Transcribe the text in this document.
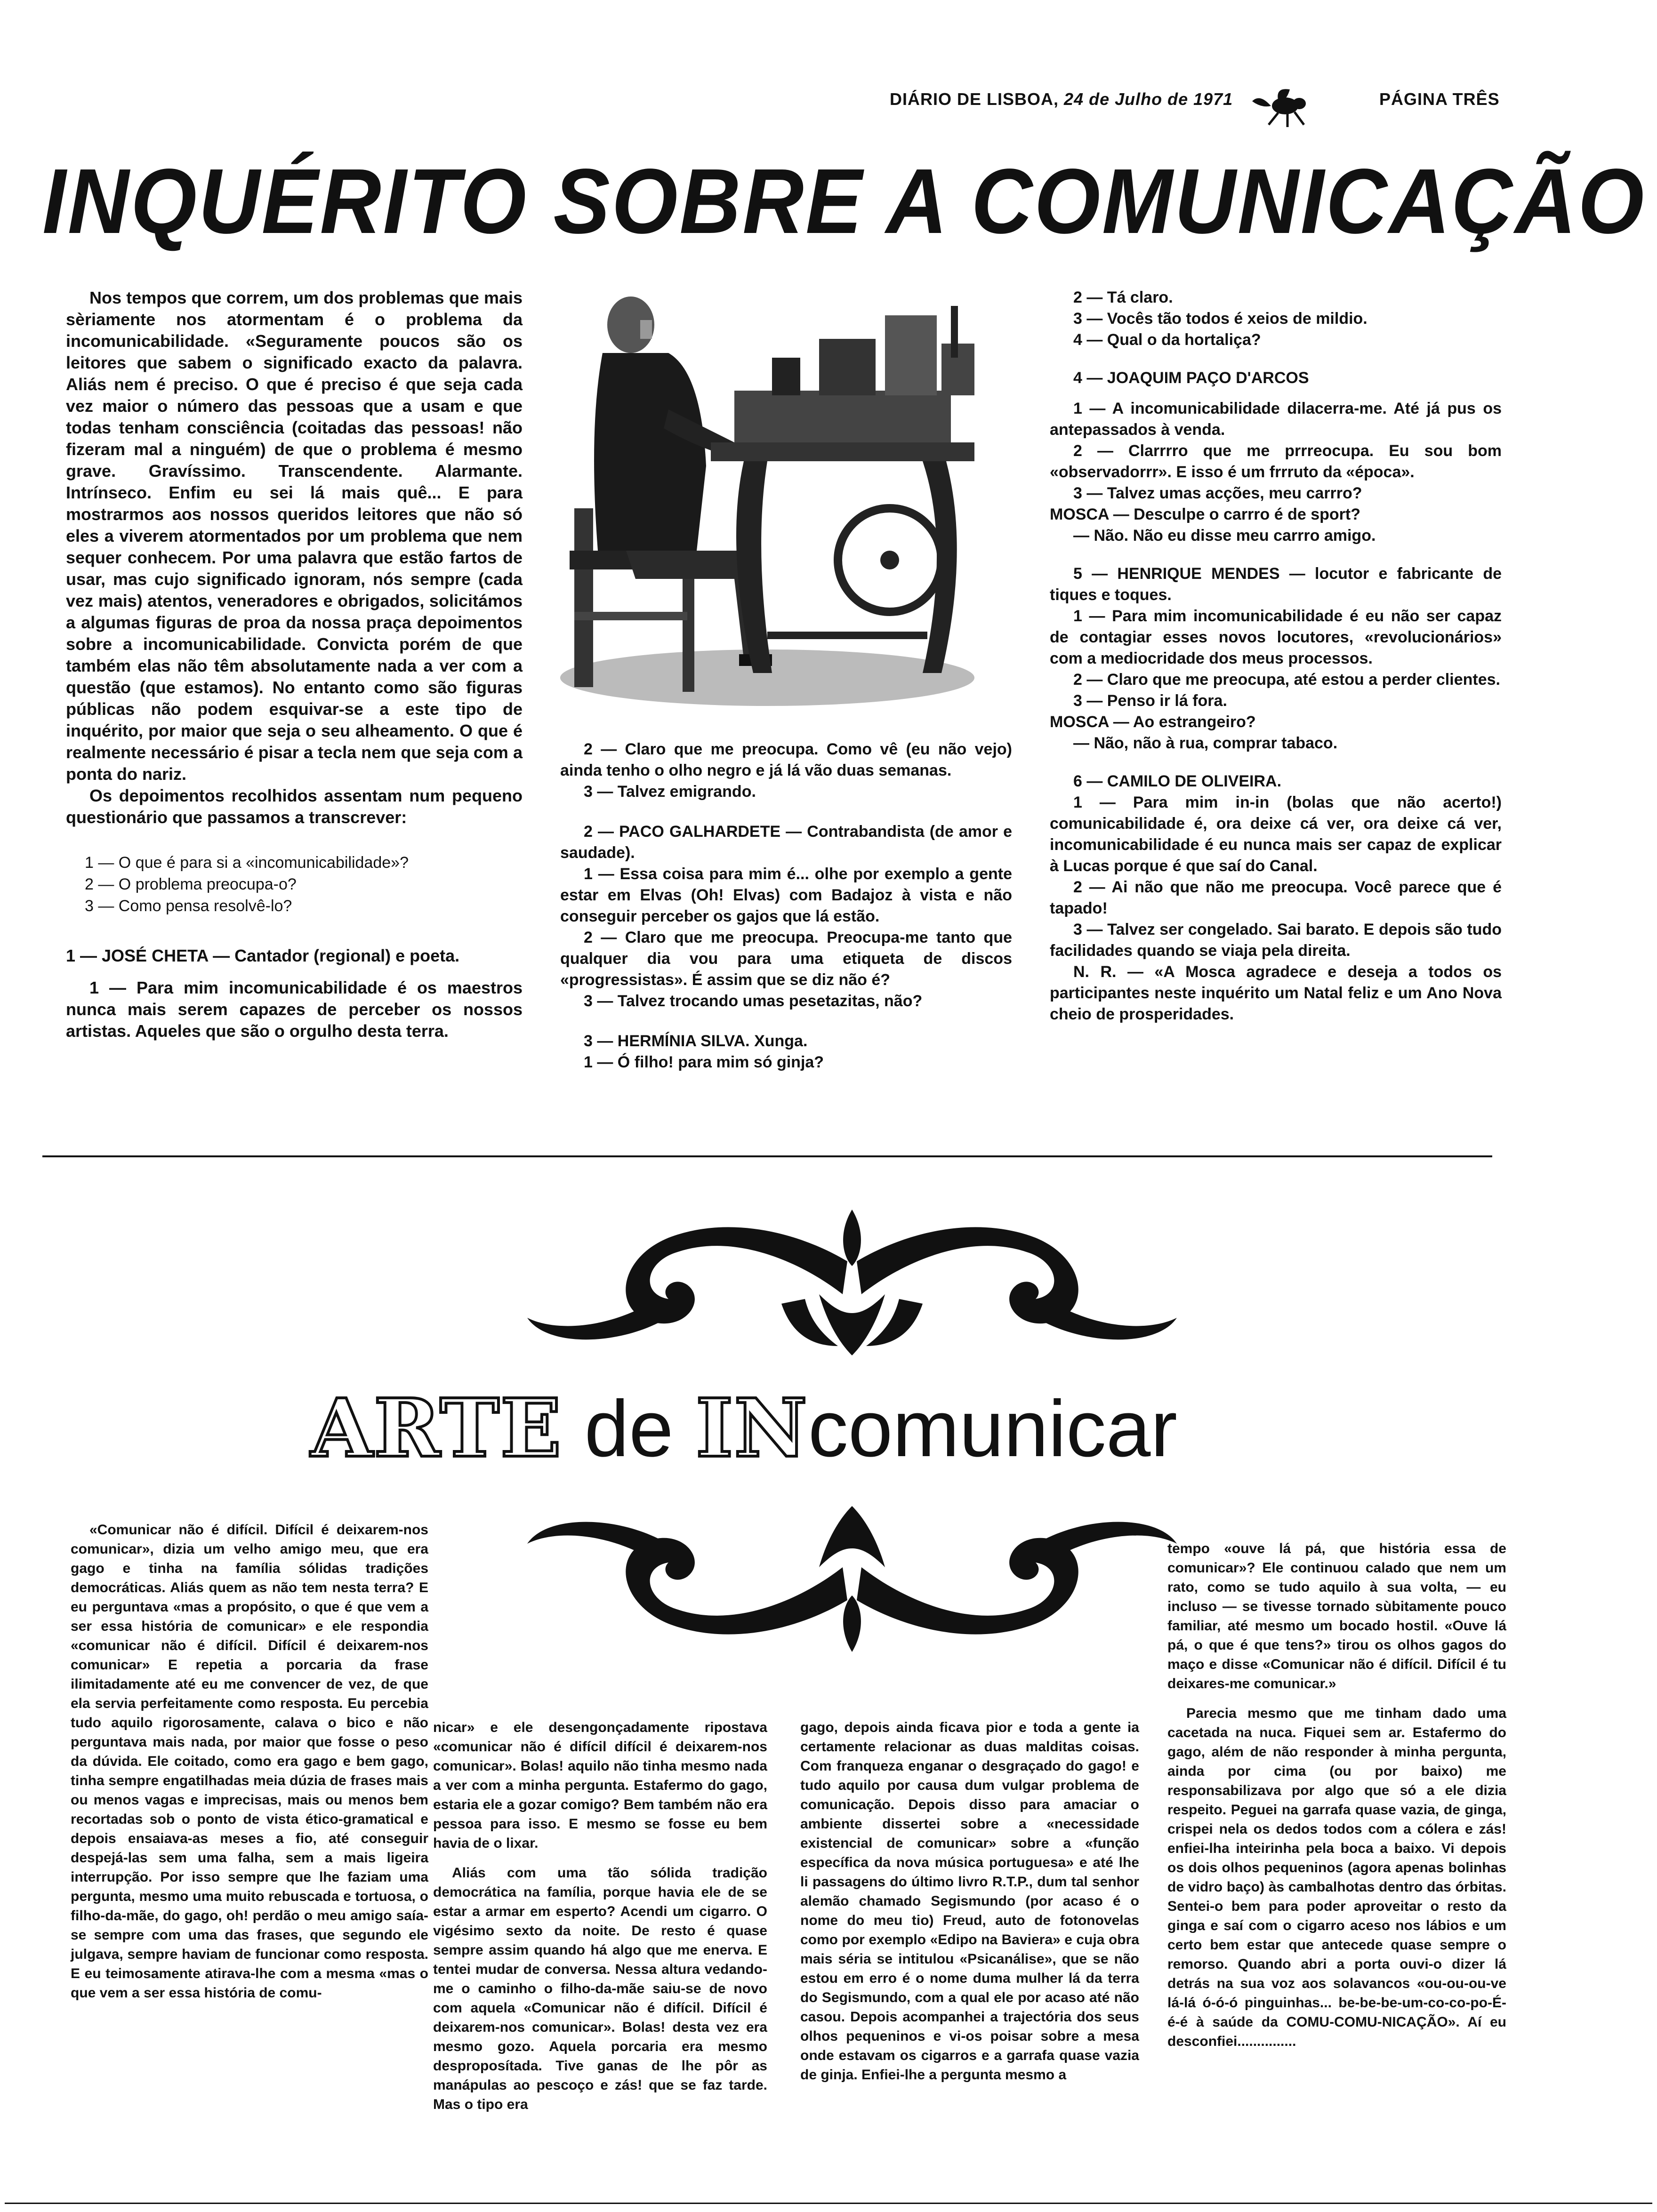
DIÁRIO DE LISBOA, 24 de Julho de 1971	PÁGINA TRÊS
INQUÉRITO SOBRE A COMUNICAÇÃO

Nos tempos que correm, um dos problemas que mais sèriamente nos atormentam é o problema da incomunicabilidade. «Seguramente poucos são os leitores que sabem o significado exacto da palavra. Aliás nem é preciso. O que é preciso é que seja cada vez maior o número das pessoas que a usam e que todas tenham consciência (coitadas das pessoas! não fizeram mal a ninguém) de que o problema é mesmo grave. Gravíssimo. Transcendente. Alarmante. Intrínseco. Enfim eu sei lá mais quê... E para mostrarmos aos nossos queridos leitores que não só eles a viverem atormentados por um problema que nem sequer conhecem. Por uma palavra que estão fartos de usar, mas cujo significado ignoram, nós sempre (cada vez mais) atentos, veneradores e obrigados, solicitámos a algumas figuras de proa da nossa praça depoimentos sobre a incomunicabilidade. Convicta porém de que também elas não têm absolutamente nada a ver com a questão (que estamos). No entanto como são figuras públicas não podem esquivar-se a este tipo de inquérito, por maior que seja o seu alheamento. O que é realmente necessário é pisar a tecla nem que seja com a ponta do nariz.

Os depoimentos recolhidos assentam num pequeno questionário que passamos a transcrever:

1 — O que é para si a «incomunicabilidade»?

2 — O problema preocupa-o?

3 — Como pensa resolvê-lo?

1 — JOSÉ CHETA — Cantador (regional) e poeta.

1 — Para mim incomunicabilidade é os maestros nunca mais serem capazes de perceber os nossos artistas. Aqueles que são o orgulho desta terra.

2 — Claro que me preocupa. Como vê (eu não vejo) ainda tenho o olho negro e já lá vão duas semanas.

3 — Talvez emigrando.

2 — PACO GALHARDETE — Contrabandista (de amor e saudade).

1 — Essa coisa para mim é... olhe por exemplo a gente estar em Elvas (Oh! Elvas) com Badajoz à vista e não conseguir perceber os gajos que lá estão.

2 — Claro que me preocupa. Preocupa-me tanto que qualquer dia vou para uma etiqueta de discos «progressistas». É assim que se diz não é?

3 — Talvez trocando umas pesetazitas, não?

3 — HERMÍNIA SILVA. Xunga.

1 — Ó filho! para mim só ginja?

2 — Tá claro.

3 — Vocês tão todos é xeios de mildio.

4 — Qual o da hortaliça?

4 — JOAQUIM PAÇO D'ARCOS

1 — A incomunicabilidade dilacerra-me. Até já pus os antepassados à venda.

2 — Clarrrro que me prrreocupa. Eu sou bom «observadorrr». E isso é um frrruto da «época».

3 — Talvez umas acções, meu carrro?

MOSCA — Desculpe o carrro é de sport?

— Não. Não eu disse meu carrro amigo.

5 — HENRIQUE MENDES — locutor e fabricante de tiques e toques.

1 — Para mim incomunicabilidade é eu não ser capaz de contagiar esses novos locutores, «revolucionários» com a mediocridade dos meus processos.

2 — Claro que me preocupa, até estou a perder clientes.

3 — Penso ir lá fora.

MOSCA — Ao estrangeiro?

— Não, não à rua, comprar tabaco.

6 — CAMILO DE OLIVEIRA.

1 — Para mim in-in (bolas que não acerto!) comunicabilidade é, ora deixe cá ver, ora deixe cá ver, incomunicabilidade é eu nunca mais ser capaz de explicar à Lucas porque é que saí do Canal.

2 — Ai não que não me preocupa. Você parece que é tapado!

3 — Talvez ser congelado. Sai barato. E depois são tudo facilidades quando se viaja pela direita.

N. R. — «A Mosca agradece e deseja a todos os participantes neste inquérito um Natal feliz e um Ano Nova cheio de prosperidades.

ARTE de INcomunicar

«Comunicar não é difícil. Difícil é deixarem-nos comunicar», dizia um velho amigo meu, que era gago e tinha na família sólidas tradições democráticas. Aliás quem as não tem nesta terra? E eu perguntava «mas a propósito, o que é que vem a ser essa história de comunicar» e ele respondia «comunicar não é difícil. Difícil é deixarem-nos comunicar» E repetia a porcaria da frase ilimitadamente até eu me convencer de vez, de que ela servia perfeitamente como resposta. Eu percebia tudo aquilo rigorosamente, calava o bico e não perguntava mais nada, por maior que fosse o peso da dúvida. Ele coitado, como era gago e bem gago, tinha sempre engatilhadas meia dúzia de frases mais ou menos vagas e imprecisas, mais ou menos bem recortadas sob o ponto de vista ético-gramatical e depois ensaiava-as meses a fio, até conseguir despejá-las sem uma falha, sem a mais ligeira interrupção. Por isso sempre que lhe faziam uma pergunta, mesmo uma muito rebuscada e tortuosa, o filho-da-mãe, do gago, oh! perdão o meu amigo saía-se sempre com uma das frases, que segundo ele julgava, sempre haviam de funcionar como resposta. E eu teimosamente atirava-lhe com a mesma «mas o que vem a ser essa história de comu-

nicar» e ele desengonçadamente ripostava «comunicar não é difícil difícil é deixarem-nos comunicar». Bolas! aquilo não tinha mesmo nada a ver com a minha pergunta. Estafermo do gago, estaria ele a gozar comigo? Bem também não era pessoa para isso. E mesmo se fosse eu bem havia de o lixar.

Aliás com uma tão sólida tradição democrática na família, porque havia ele de se estar a armar em esperto? Acendi um cigarro. O vigésimo sexto da noite. De resto é quase sempre assim quando há algo que me enerva. E tentei mudar de conversa. Nessa altura vedando-me o caminho o filho-da-mãe saiu-se de novo com aquela «Comunicar não é difícil. Difícil é deixarem-nos comunicar». Bolas! desta vez era mesmo gozo. Aquela porcaria era mesmo desproposítada. Tive ganas de lhe pôr as manápulas ao pescoço e zás! que se faz tarde. Mas o tipo era

gago, depois ainda ficava pior e toda a gente ia certamente relacionar as duas malditas coisas. Com franqueza enganar o desgraçado do gago! e tudo aquilo por causa dum vulgar problema de comunicação. Depois disso para amaciar o ambiente dissertei sobre a «necessidade existencial de comunicar» sobre a «função específica da nova música portuguesa» e até lhe li passagens do último livro R.T.P., dum tal senhor alemão chamado Segismundo (por acaso é o nome do meu tio) Freud, auto de fotonovelas como por exemplo «Edipo na Baviera» e cuja obra mais séria se intitulou «Psicanálise», que se não estou em erro é o nome duma mulher lá da terra do Segismundo, com a qual ele por acaso até não casou. Depois acompanhei a trajectória dos seus olhos pequeninos e vi-os poisar sobre a mesa onde estavam os cigarros e a garrafa quase vazia de ginja. Enfiei-lhe a pergunta mesmo a

tempo «ouve lá pá, que história essa de comunicar»? Ele continuou calado que nem um rato, como se tudo aquilo à sua volta, — eu incluso — se tivesse tornado sùbitamente pouco familiar, até mesmo um bocado hostil. «Ouve lá pá, o que é que tens?» tirou os olhos gagos do maço e disse «Comunicar não é difícil. Difícil é tu deixares-me comunicar.»

Parecia mesmo que me tinham dado uma cacetada na nuca. Fiquei sem ar. Estafermo do gago, além de não responder à minha pergunta, ainda por cima (ou por baixo) me responsabilizava por algo que só a ele dizia respeito. Peguei na garrafa quase vazia, de ginga, crispei nela os dedos todos com a cólera e zás! enfiei-lha inteirinha pela boca a baixo. Vi depois os dois olhos pequeninos (agora apenas bolinhas de vidro baço) às cambalhotas dentro das órbitas. Sentei-o bem para poder aproveitar o resto da ginga e saí com o cigarro aceso nos lábios e um certo bem estar que antecede quase sempre o remorso. Quando abri a porta ouvi-o dizer lá detrás na sua voz aos solavancos «ou-ou-ou-ve lá-lá ó-ó-ó pinguinhas... be-be-be-um-co-co-po-É-é-é à saúde da COMU-COMU-NICAÇÃO». Aí eu desconfiei...............
